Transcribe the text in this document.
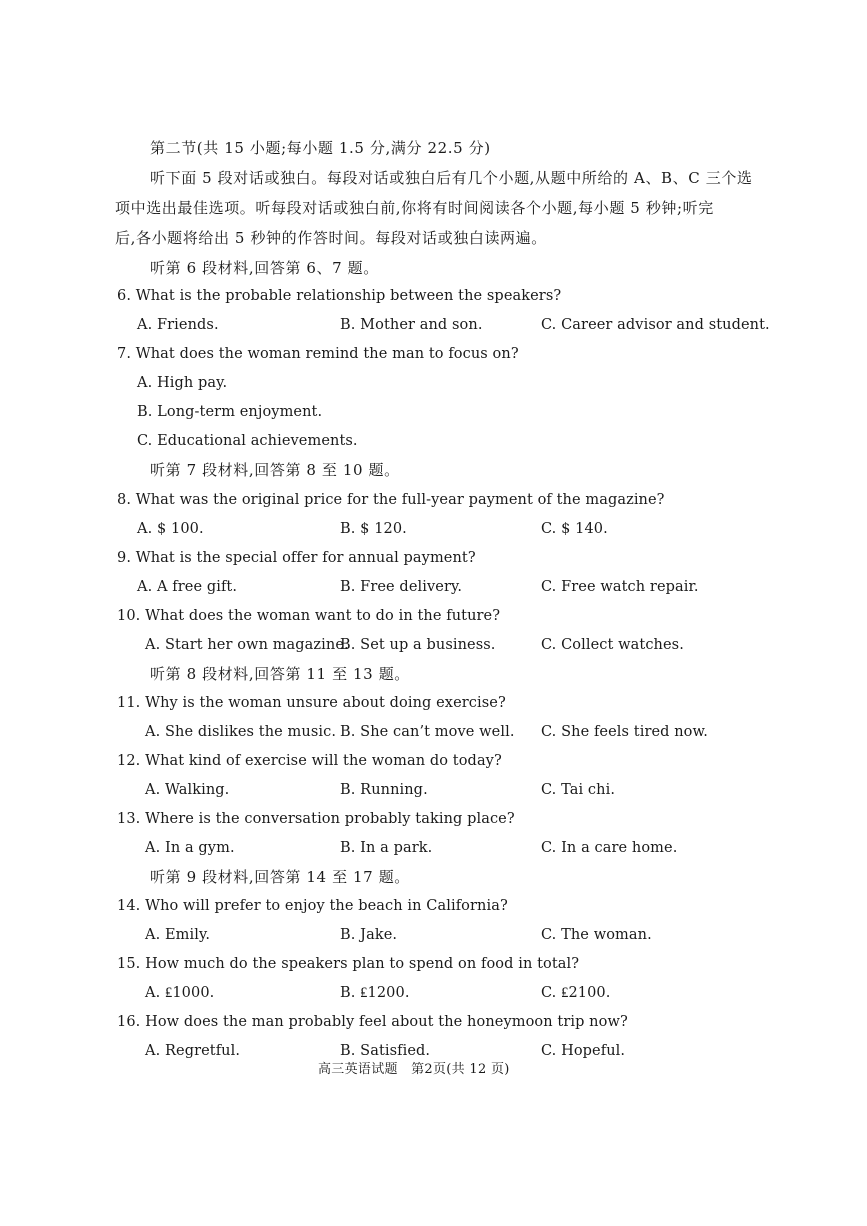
第二节(共 15 小题;每小题 1.5 分,满分 22.5 分)
听下面 5 段对话或独白。每段对话或独白后有几个小题,从题中所给的 A、B、C 三个选
项中选出最佳选项。听每段对话或独白前,你将有时间阅读各个小题,每小题 5 秒钟;听完
后,各小题将给出 5 秒钟的作答时间。每段对话或独白读两遍。
听第 6 段材料,回答第 6、7 题。
6. What is the probable relationship between the speakers?
A. Friends.	B. Mother and son.	C. Career advisor and student.
7. What does the woman remind the man to focus on?
A. High pay.
B. Long-term enjoyment.
C. Educational achievements.
听第 7 段材料,回答第 8 至 10 题。
8. What was the original price for the full-year payment of the magazine?
A. $ 100.	B. $ 120.	C. $ 140.
9. What is the special offer for annual payment?
A. A free gift.	B. Free delivery.	C. Free watch repair.
10. What does the woman want to do in the future?
A. Start her own magazine.
B. Set up a business.	C. Collect watches.
听第 8 段材料,回答第 11 至 13 题。
11. Why is the woman unsure about doing exercise?
A. She dislikes the music. B. She can’t move well. C. She feels tired now.
12. What kind of exercise will the woman do today?
A. Walking.	B. Running.	C. Tai chi.
13. Where is the conversation probably taking place?
A. In a gym.	B. In a park.	C. In a care home.
听第 9 段材料,回答第 14 至 17 题。
14. Who will prefer to enjoy the beach in California?
A. Emily.	B. Jake.	C. The woman.
15. How much do the speakers plan to spend on food in total?
A. ₤1000.	B. ₤1200.	C. ₤2100.
16. How does the man probably feel about the honeymoon trip now?
A. Regretful.	B. Satisfied.	C. Hopeful.
高三英语试题　第2页(共 12 页)
